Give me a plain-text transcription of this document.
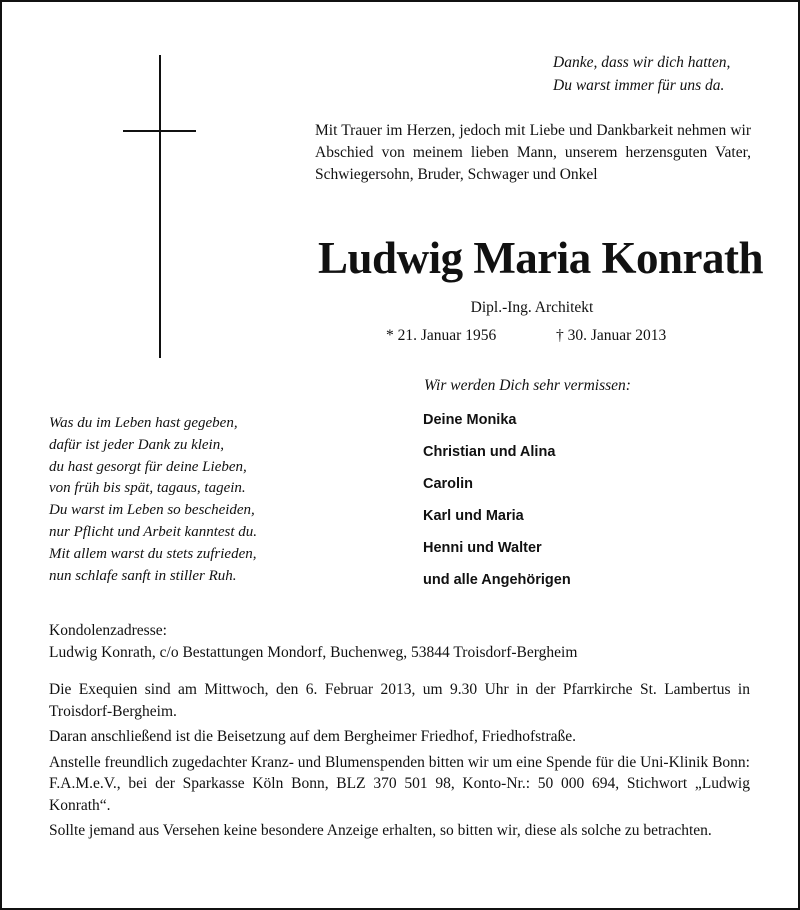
Danke, dass wir dich hatten,
Du warst immer für uns da.

Mit Trauer im Herzen, jedoch mit Liebe und Dankbarkeit nehmen wir Abschied von meinem lieben Mann, unserem herzensguten Vater, Schwiegersohn, Bruder, Schwager und Onkel

Ludwig Maria Konrath
Dipl.-Ing. Architekt
* 21. Januar 1956	† 30. Januar 2013
Wir werden Dich sehr vermissen:
Deine Monika
Christian und Alina
Carolin
Karl und Maria
Henni und Walter
und alle Angehörigen
Was du im Leben hast gegeben,
dafür ist jeder Dank zu klein,
du hast gesorgt für deine Lieben,
von früh bis spät, tagaus, tagein.
Du warst im Leben so bescheiden,
nur Pflicht und Arbeit kanntest du.
Mit allem warst du stets zufrieden,
nun schlafe sanft in stiller Ruh.
Kondolenzadresse:
Ludwig Konrath, c/o Bestattungen Mondorf, Buchenweg, 53844 Troisdorf-Bergheim

Die Exequien sind am Mittwoch, den 6. Februar 2013, um 9.30 Uhr in der Pfarrkirche St. Lambertus in Troisdorf-Bergheim.

Daran anschließend ist die Beisetzung auf dem Bergheimer Friedhof, Friedhofstraße.

Anstelle freundlich zugedachter Kranz- und Blumenspenden bitten wir um eine Spende für die Uni-Klinik Bonn: F.A.M.e.V., bei der Sparkasse Köln Bonn, BLZ 370 501 98, Konto-Nr.: 50 000 694, Stichwort „Ludwig Konrath“.

Sollte jemand aus Versehen keine besondere Anzeige erhalten, so bitten wir, diese als solche zu betrachten.
